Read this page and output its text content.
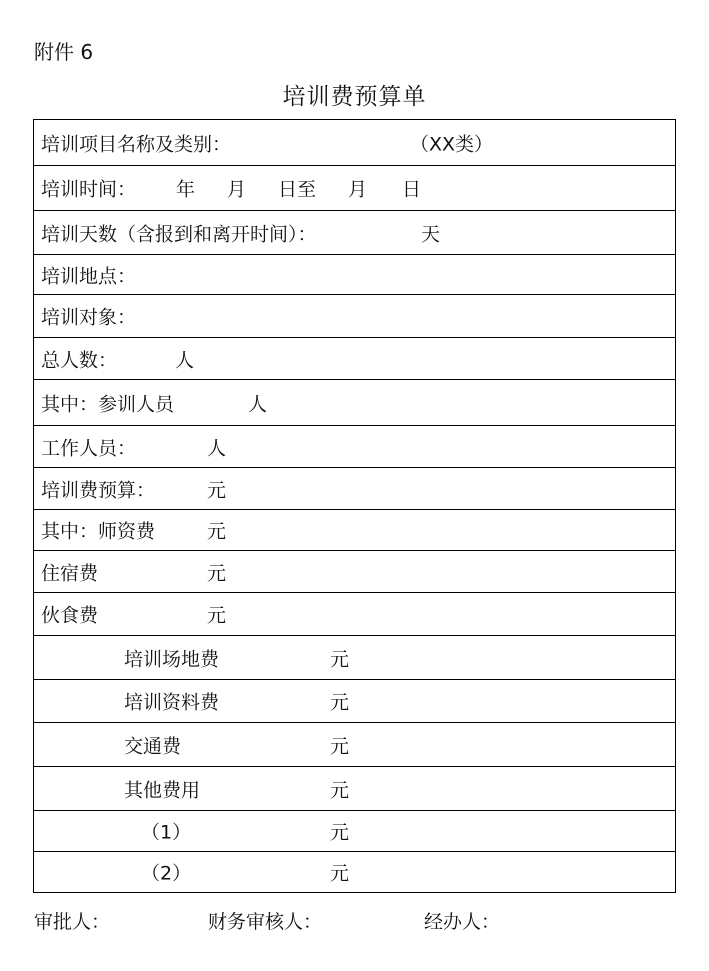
附件 6
培训费预算单
培训项目名称及类别：	（XX类）
培训时间： 年 月 日至 月 日
培训天数（含报到和离开时间）：	天
培训地点：
培训对象：
总人数：	人
其中：参训人员	人
工作人员：	人
培训费预算：	元
其中：师资费	元
住宿费	元
伙食费	元
培训场地费	元
培训资料费	元
交通费	元
其他费用	元
（1）	元
（2）	元
审批人：	财务审核人：	经办人：
